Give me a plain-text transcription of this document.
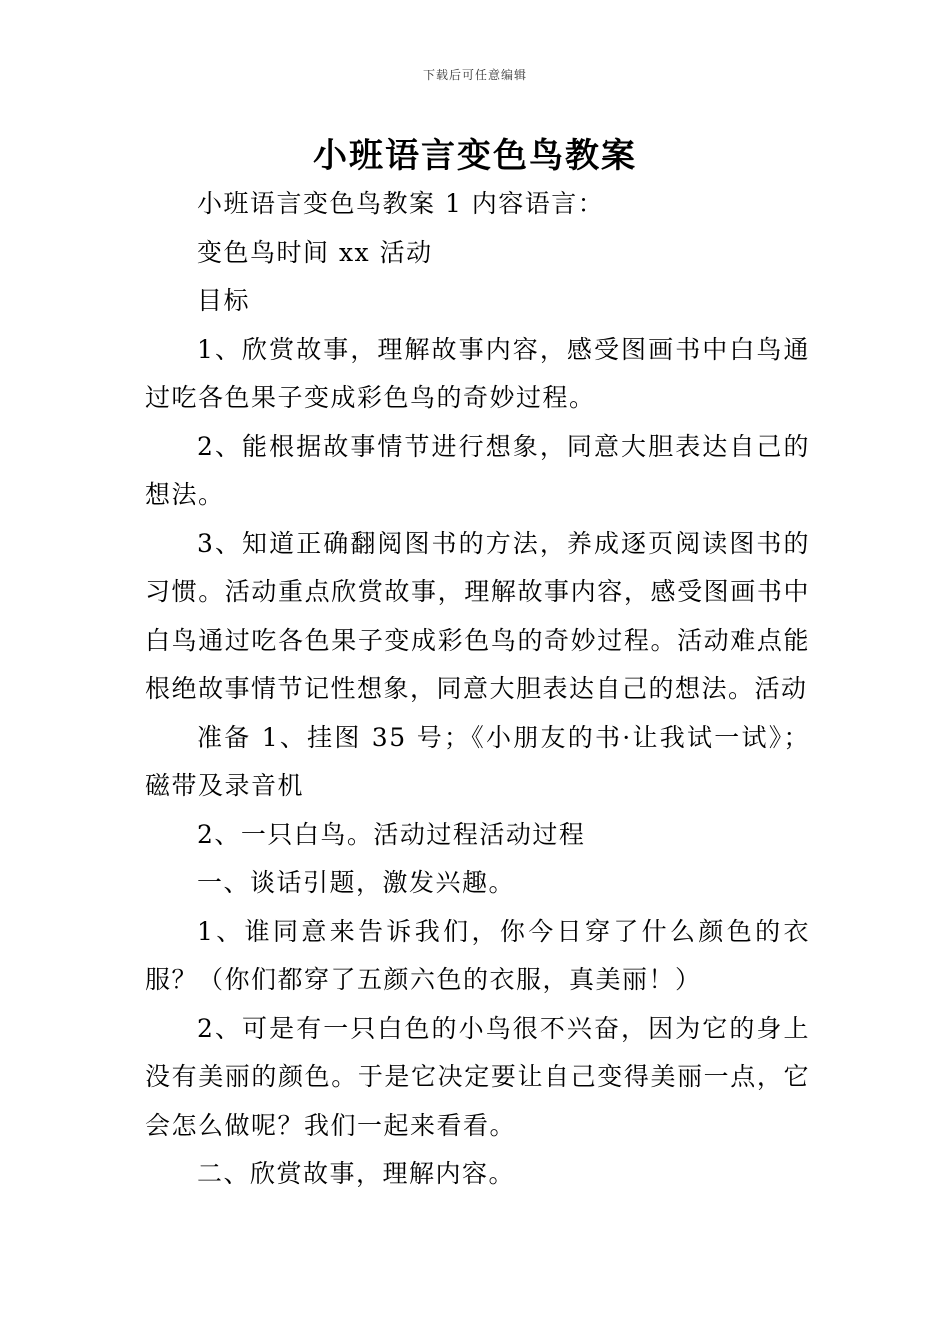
下载后可任意编辑
小班语言变色鸟教案

小班语言变色鸟教案 1 内容语言：

变色鸟时间 xx 活动

目标

1、欣赏故事，理解故事内容，感受图画书中白鸟通过吃各色果子变成彩色鸟的奇妙过程。

2、能根据故事情节进行想象，同意大胆表达自己的想法。

3、知道正确翻阅图书的方法，养成逐页阅读图书的习惯。活动重点欣赏故事，理解故事内容，感受图画书中白鸟通过吃各色果子变成彩色鸟的奇妙过程。活动难点能根绝故事情节记性想象，同意大胆表达自己的想法。活动

准备 1、挂图 35 号；《小朋友的书·让我试一试》；磁带及录音机

2、一只白鸟。活动过程活动过程

一、谈话引题，激发兴趣。

1、谁同意来告诉我们，你今日穿了什么颜色的衣服？（你们都穿了五颜六色的衣服，真美丽！）

2、可是有一只白色的小鸟很不兴奋，因为它的身上没有美丽的颜色。于是它决定要让自己变得美丽一点，它会怎么做呢？我们一起来看看。

二、欣赏故事，理解内容。
